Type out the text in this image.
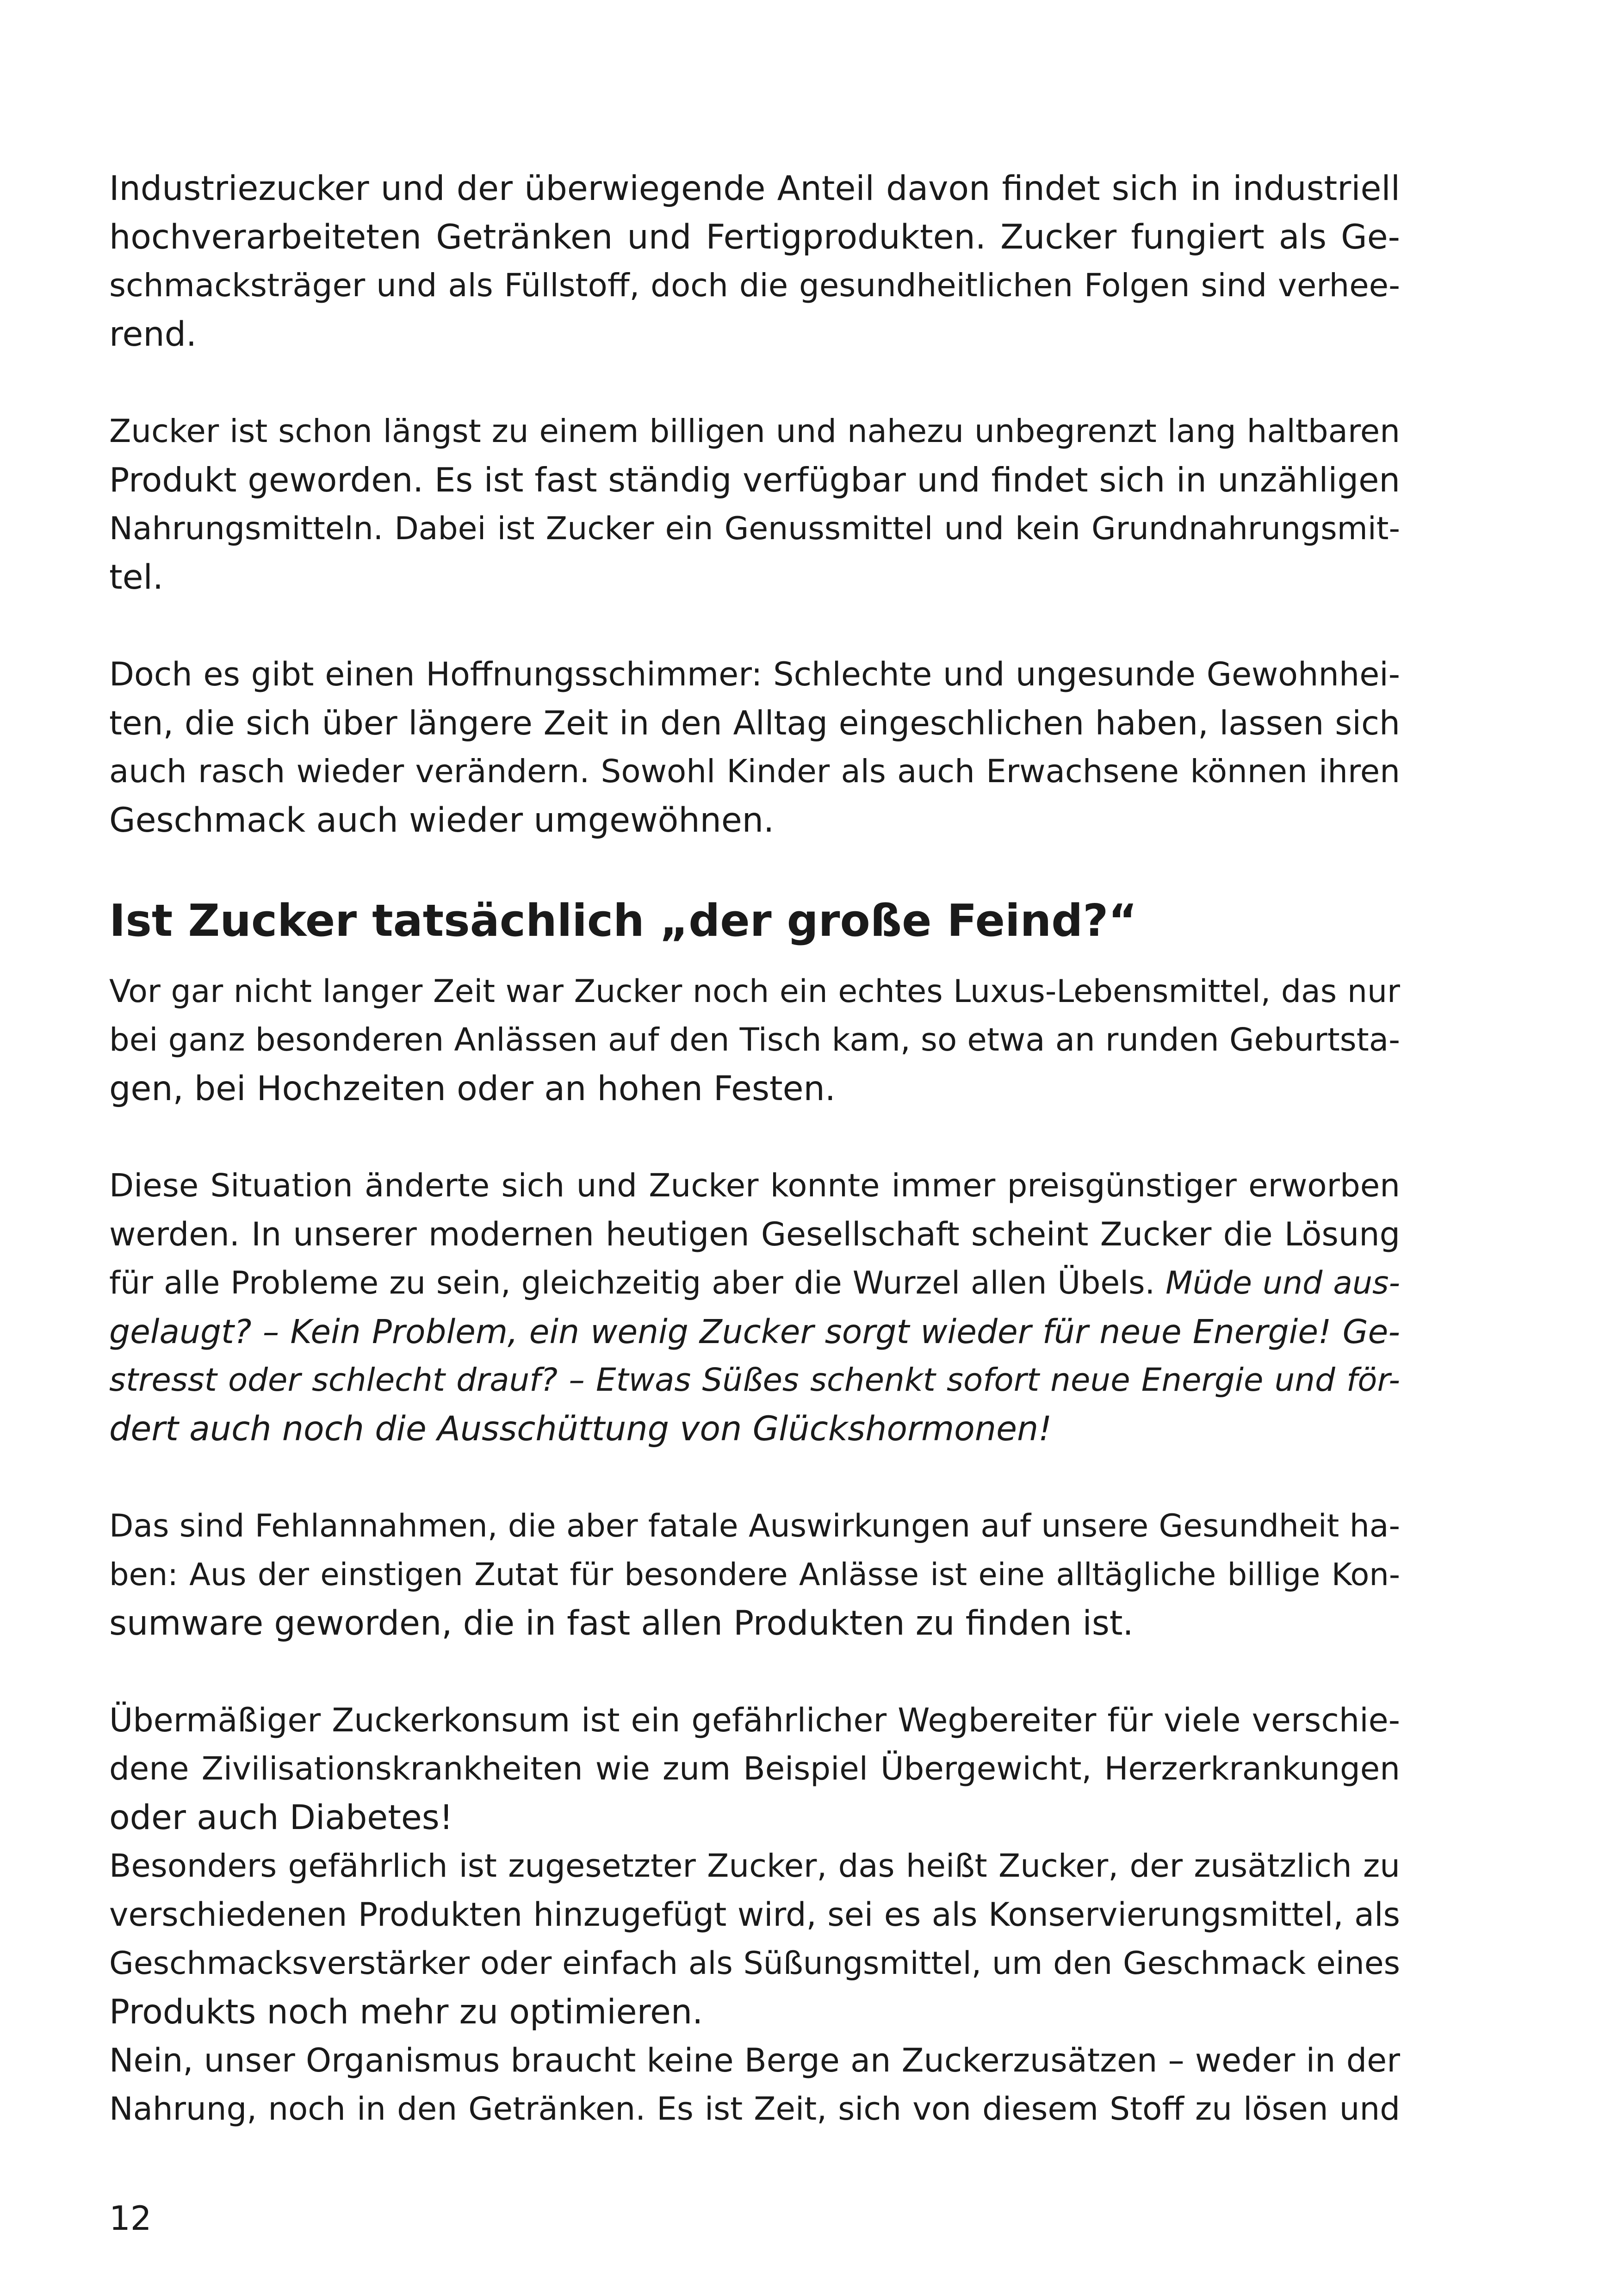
Industriezucker und der überwiegende Anteil davon findet sich in industriell
hochverarbeiteten Getränken und Fertigprodukten. Zucker fungiert als Ge-
schmacksträger und als Füllstoff, doch die gesundheitlichen Folgen sind verhee-
rend.
Zucker ist schon längst zu einem billigen und nahezu unbegrenzt lang haltbaren
Produkt geworden. Es ist fast ständig verfügbar und findet sich in unzähligen
Nahrungsmitteln. Dabei ist Zucker ein Genussmittel und kein Grundnahrungsmit-
tel.
Doch es gibt einen Hoffnungsschimmer: Schlechte und ungesunde Gewohnhei-
ten, die sich über längere Zeit in den Alltag eingeschlichen haben, lassen sich
auch rasch wieder verändern. Sowohl Kinder als auch Erwachsene können ihren
Geschmack auch wieder umgewöhnen.
Ist Zucker tatsächlich „der große Feind?“
Vor gar nicht langer Zeit war Zucker noch ein echtes Luxus-Lebensmittel, das nur
bei ganz besonderen Anlässen auf den Tisch kam, so etwa an runden Geburtsta-
gen, bei Hochzeiten oder an hohen Festen.
Diese Situation änderte sich und Zucker konnte immer preisgünstiger erworben
werden. In unserer modernen heutigen Gesellschaft scheint Zucker die Lösung
für alle Probleme zu sein, gleichzeitig aber die Wurzel allen Übels. Müde und aus-
gelaugt? – Kein Problem, ein wenig Zucker sorgt wieder für neue Energie! Ge-
stresst oder schlecht drauf? – Etwas Süßes schenkt sofort neue Energie und för-
dert auch noch die Ausschüttung von Glückshormonen!
Das sind Fehlannahmen, die aber fatale Auswirkungen auf unsere Gesundheit ha-
ben: Aus der einstigen Zutat für besondere Anlässe ist eine alltägliche billige Kon-
sumware geworden, die in fast allen Produkten zu finden ist.
Übermäßiger Zuckerkonsum ist ein gefährlicher Wegbereiter für viele verschie-
dene Zivilisationskrankheiten wie zum Beispiel Übergewicht, Herzerkrankungen
oder auch Diabetes!
Besonders gefährlich ist zugesetzter Zucker, das heißt Zucker, der zusätzlich zu
verschiedenen Produkten hinzugefügt wird, sei es als Konservierungsmittel, als
Geschmacksverstärker oder einfach als Süßungsmittel, um den Geschmack eines
Produkts noch mehr zu optimieren.
Nein, unser Organismus braucht keine Berge an Zuckerzusätzen – weder in der
Nahrung, noch in den Getränken. Es ist Zeit, sich von diesem Stoff zu lösen und
12
